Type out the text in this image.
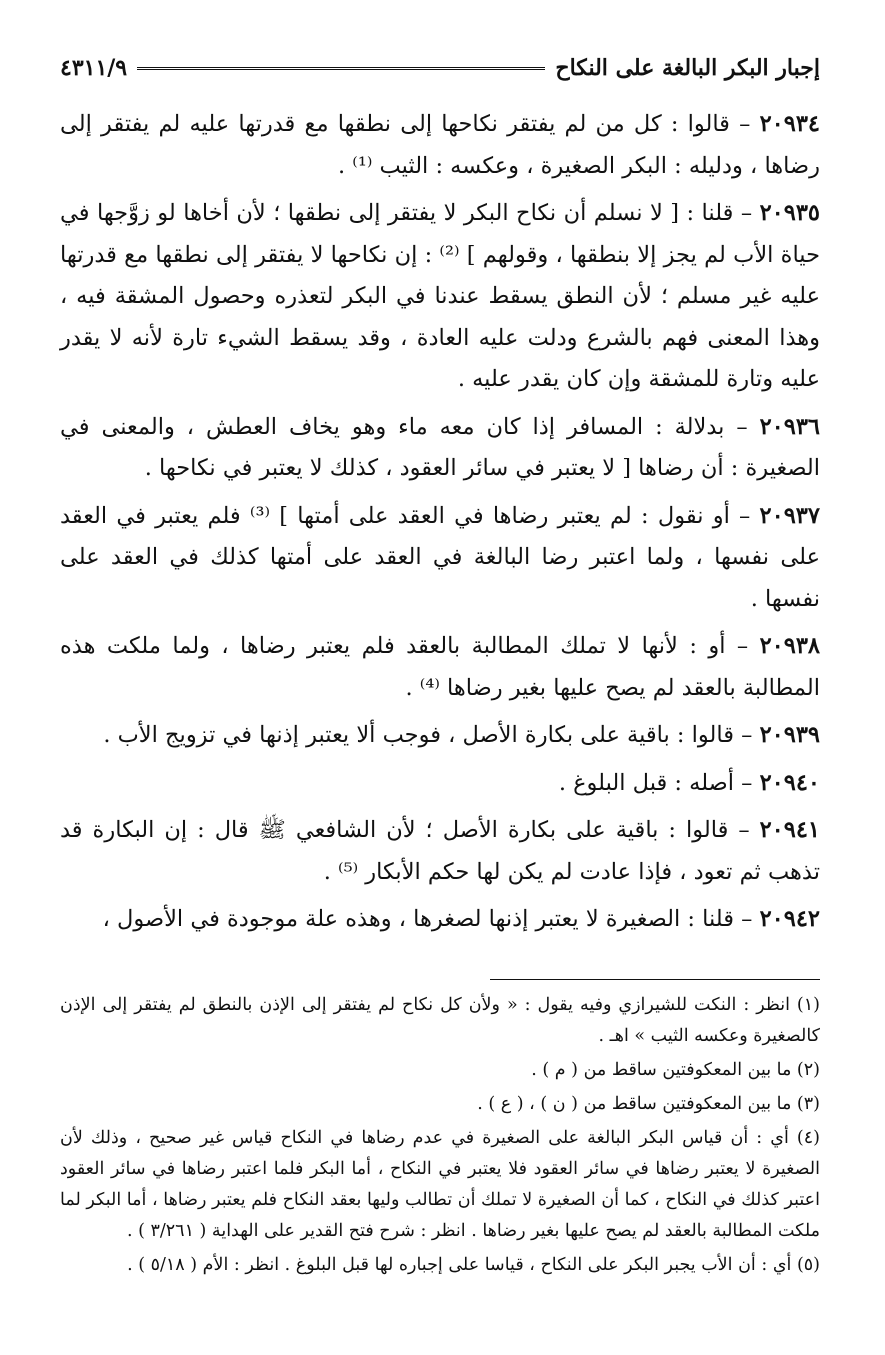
إجبار البكر البالغة على النكاح
٤٣١١/٩

٢٠٩٣٤ – قالوا : كل من لم يفتقر نكاحها إلى نطقها مع قدرتها عليه لم يفتقر إلى رضاها ، ودليله : البكر الصغيرة ، وعكسه : الثيب ⁽¹⁾ .

٢٠٩٣٥ – قلنا : [ لا نسلم أن نكاح البكر لا يفتقر إلى نطقها ؛ لأن أخاها لو زوَّجها في حياة الأب لم يجز إلا بنطقها ، وقولهم ] ⁽²⁾ : إن نكاحها لا يفتقر إلى نطقها مع قدرتها عليه غير مسلم ؛ لأن النطق يسقط عندنا في البكر لتعذره وحصول المشقة فيه ، وهذا المعنى فهم بالشرع ودلت عليه العادة ، وقد يسقط الشيء تارة لأنه لا يقدر عليه وتارة للمشقة وإن كان يقدر عليه .

٢٠٩٣٦ – بدلالة : المسافر إذا كان معه ماء وهو يخاف العطش ، والمعنى في الصغيرة : أن رضاها [ لا يعتبر في سائر العقود ، كذلك لا يعتبر في نكاحها .

٢٠٩٣٧ – أو نقول : لم يعتبر رضاها في العقد على أمتها ] ⁽³⁾ فلم يعتبر في العقد على نفسها ، ولما اعتبر رضا البالغة في العقد على أمتها كذلك في العقد على نفسها .

٢٠٩٣٨ – أو : لأنها لا تملك المطالبة بالعقد فلم يعتبر رضاها ، ولما ملكت هذه المطالبة بالعقد لم يصح عليها بغير رضاها ⁽⁴⁾ .

٢٠٩٣٩ – قالوا : باقية على بكارة الأصل ، فوجب ألا يعتبر إذنها في تزويج الأب .

٢٠٩٤٠ – أصله : قبل البلوغ .

٢٠٩٤١ – قالوا : باقية على بكارة الأصل ؛ لأن الشافعي ﷺ قال : إن البكارة قد تذهب ثم تعود ، فإذا عادت لم يكن لها حكم الأبكار ⁽⁵⁾ .

٢٠٩٤٢ – قلنا : الصغيرة لا يعتبر إذنها لصغرها ، وهذه علة موجودة في الأصول ،

(١) انظر : النكت للشيرازي وفيه يقول : « ولأن كل نكاح لم يفتقر إلى الإذن بالنطق لم يفتقر إلى الإذن كالصغيرة وعكسه الثيب » اهـ .

(٢) ما بين المعكوفتين ساقط من ( م ) .

(٣) ما بين المعكوفتين ساقط من ( ن ) ، ( ع ) .

(٤) أي : أن قياس البكر البالغة على الصغيرة في عدم رضاها في النكاح قياس غير صحيح ، وذلك لأن الصغيرة لا يعتبر رضاها في سائر العقود فلا يعتبر في النكاح ، أما البكر فلما اعتبر رضاها في سائر العقود اعتبر كذلك في النكاح ، كما أن الصغيرة لا تملك أن تطالب وليها بعقد النكاح فلم يعتبر رضاها ، أما البكر لما ملكت المطالبة بالعقد لم يصح عليها بغير رضاها . انظر : شرح فتح القدير على الهداية ( ٣/٢٦١ ) .

(٥) أي : أن الأب يجبر البكر على النكاح ، قياسا على إجباره لها قبل البلوغ . انظر : الأم ( ٥/١٨ ) .
